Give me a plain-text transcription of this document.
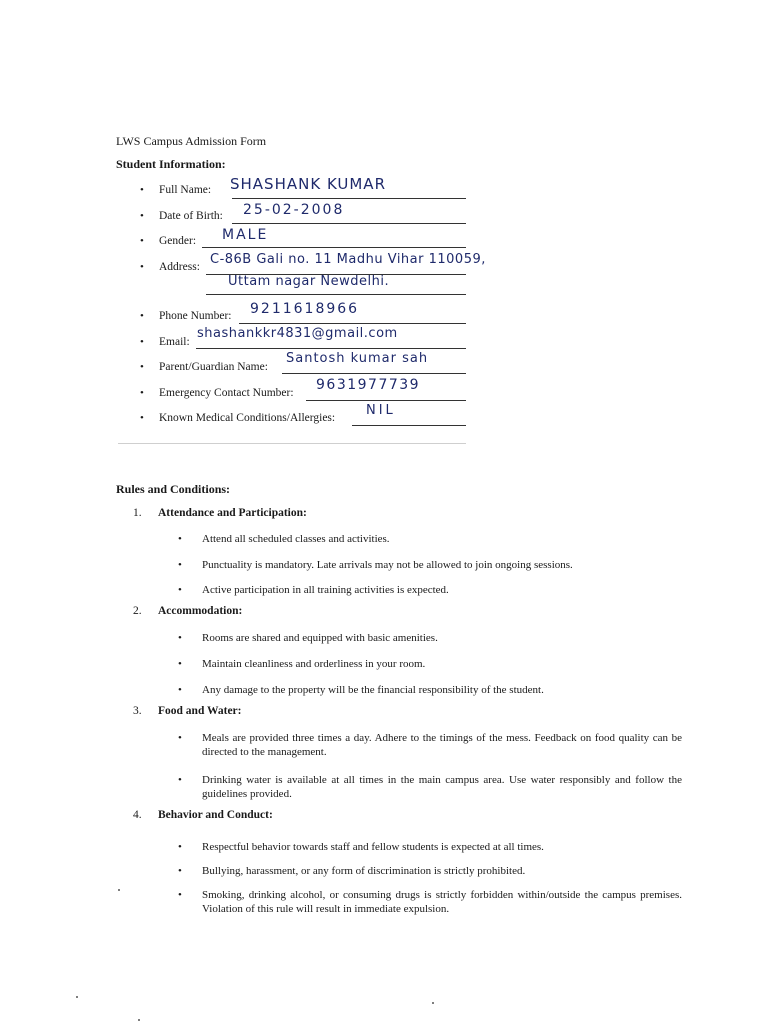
LWS Campus Admission Form
Student Information:
• Full Name: SHASHANK KUMAR
• Date of Birth: 25-02-2008
• Gender: MALE
• Address: C-86B Gali no. 11 Madhu Vihar 110059,
Uttam nagar Newdelhi.
• Phone Number: 9211618966
• Email:
shashankkr4831@gmail.com
• Parent/Guardian Name:
Santosh kumar sah
• Emergency Contact Number: 9631977739
• Known Medical Conditions/Allergies: NIL
Rules and Conditions:
1. Attendance and Participation:
• Attend all scheduled classes and activities.
• Punctuality is mandatory. Late arrivals may not be allowed to join ongoing sessions.
• Active participation in all training activities is expected.
2. Accommodation:
• Rooms are shared and equipped with basic amenities.
• Maintain cleanliness and orderliness in your room.
• Any damage to the property will be the financial responsibility of the student.
3. Food and Water:
• Meals are provided three times a day. Adhere to the timings of the mess. Feedback on food quality can be directed to the management.
• Drinking water is available at all times in the main campus area. Use water responsibly and follow the guidelines provided.
4. Behavior and Conduct:
• Respectful behavior towards staff and fellow students is expected at all times.
• Bullying, harassment, or any form of discrimination is strictly prohibited.
• Smoking, drinking alcohol, or consuming drugs is strictly forbidden within/outside the campus premises. Violation of this rule will result in immediate expulsion.
